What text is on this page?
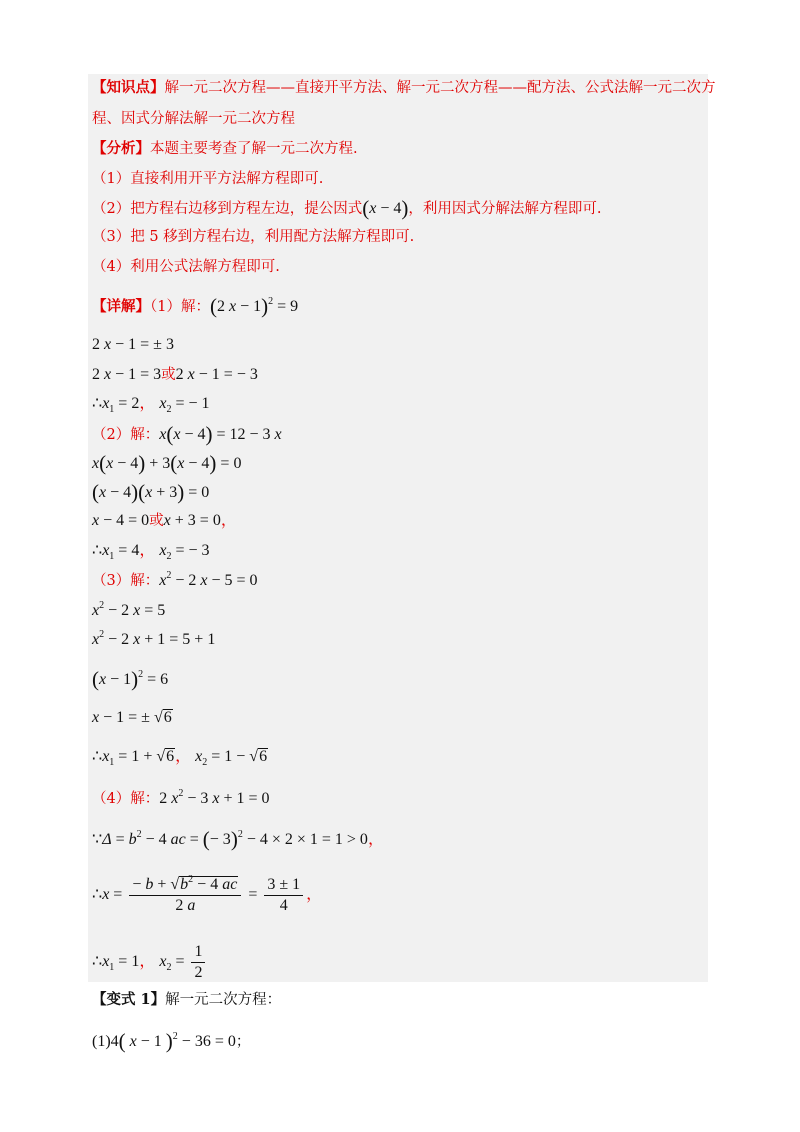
【知识点】解一元二次方程——直接开平方法、解一元二次方程——配方法、公式法解一元二次方
程、因式分解法解一元二次方程
【分析】本题主要考查了解一元二次方程.
（1）直接利用开平方法解方程即可.
（2）把方程右边移到方程左边，提公因式(x − 4)，利用因式分解法解方程即可.
（3）把 5 移到方程右边，利用配方法解方程即可.
（4）利用公式法解方程即可.
【详解】（1）解：(2 x − 1)$^2$ = 9
2 x − 1 = ± 3
2 x − 1 = 3或2 x − 1 = − 3
$\therefore x_1 = 2$， $x_2$ = − 1
（2）解：x(x − 4) = 12 − 3 x
x(x − 4) + 3(x − 4) = 0
(x − 4)(x + 3) = 0
x − 4 = 0或x + 3 = 0，
$\therefore x_1 = 4$， $x_2$ = − 3
（3）解：$x^2 - 2$ x − 5 = 0
$x^2 - 2$ x = 5
$x^2 - 2$ x + 1 = 5 + 1
$(x - 1)^2 = 6$
x − 1 = ± √6
$\therefore x_1 = 1 + √6$， $x_2 = 1 - √6$
（4）解：2 $x^2 - 3$ x + 1 = 0
∵Δ = $b^2 - 4$ ac = (− 3)$^2$ − 4 × 2 × 1 = 1 > 0，
∴x = $\frac{- b + √b^2 - 4 ac}{2 a} = \frac{3 \pm 1}{4}$ ，
$\therefore x_1 = 1$， $x_2 = \frac{1}{2}$
【变式 1】解一元二次方程：
(1)4( x − 1 )$^2$ − 36 = 0；
